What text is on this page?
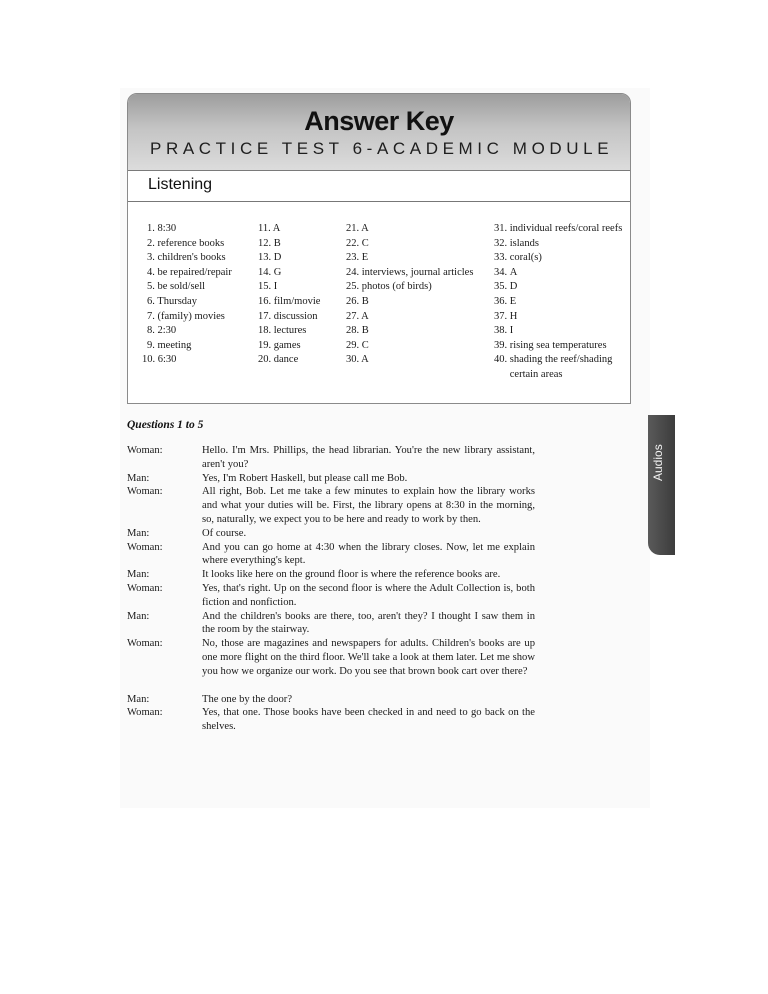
Answer Key
PRACTICE TEST 6-ACADEMIC MODULE
Listening
1. 8:30
2. reference books
3. children's books
4. be repaired/repair
5. be sold/sell
6. Thursday
7. (family) movies
8. 2:30
9. meeting
10. 6:30
11. A
12. B
13. D
14. G
15. I
16. film/movie
17. discussion
18. lectures
19. games
20. dance
21. A
22. C
23. E
24. interviews, journal articles
25. photos (of birds)
26. B
27. A
28. B
29. C
30. A
31. individual reefs/coral reefs
32. islands
33. coral(s)
34. A
35. D
36. E
37. H
38. I
39. rising sea temperatures
40. shading the reef/shading certain areas
Audios
Questions 1 to 5
Woman:	Hello. I'm Mrs. Phillips, the head librarian. You're the new library assistant, aren't you?
Man:	Yes, I'm Robert Haskell, but please call me Bob.
Woman:	All right, Bob. Let me take a few minutes to explain how the library works and what your duties will be. First, the library opens at 8:30 in the morning, so, naturally, we expect you to be here and ready to work by then.
Man:	Of course.
Woman:	And you can go home at 4:30 when the library closes. Now, let me explain where everything's kept.
Man:	It looks like here on the ground floor is where the reference books are.
Woman:	Yes, that's right. Up on the second floor is where the Adult Collection is, both fiction and nonfiction.
Man:	And the children's books are there, too, aren't they? I thought I saw them in the room by the stairway.
Woman:	No, those are magazines and newspapers for adults. Children's books are up one more flight on the third floor. We'll take a look at them later. Let me show you how we organize our work. Do you see that brown book cart over there?
Man:	The one by the door?
Woman:	Yes, that one. Those books have been checked in and need to go back on the shelves.
